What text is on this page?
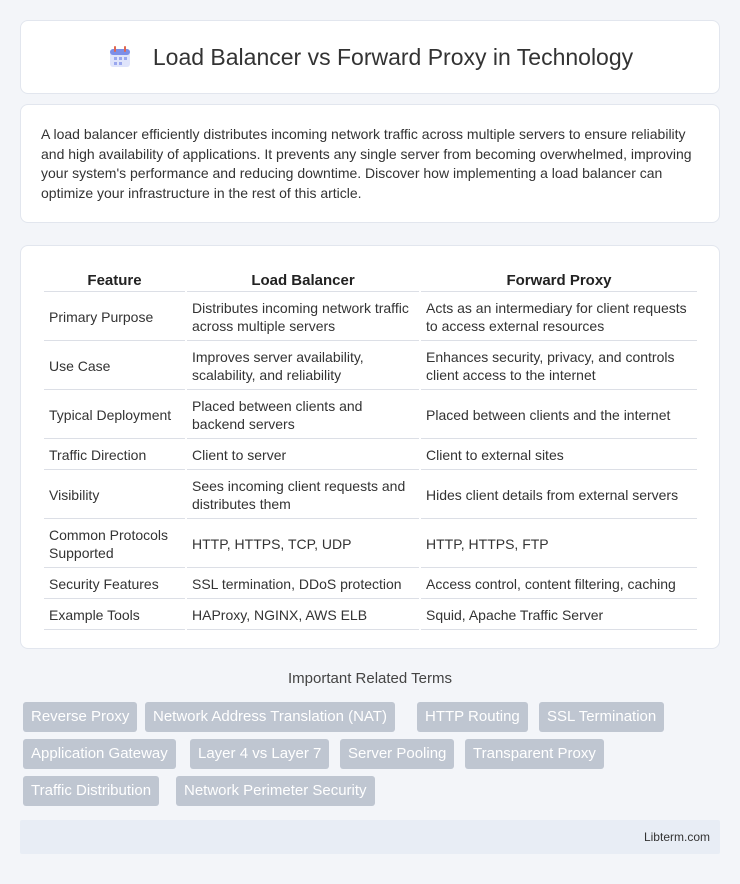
Load Balancer vs Forward Proxy in Technology

A load balancer efficiently distributes incoming network traffic across multiple servers to ensure reliability and high availability of applications. It prevents any single server from becoming overwhelmed, improving your system's performance and reducing downtime. Discover how implementing a load balancer can optimize your infrastructure in the rest of this article.

Feature	Load Balancer	Forward Proxy
Primary Purpose	Distributes incoming network traffic across multiple servers	Acts as an intermediary for client requests to access external resources
Use Case	Improves server availability, scalability, and reliability	Enhances security, privacy, and controls client access to the internet
Typical Deployment	Placed between clients and backend servers	Placed between clients and the internet
Traffic Direction	Client to server	Client to external sites
Visibility	Sees incoming client requests and distributes them	Hides client details from external servers
Common Protocols Supported	HTTP, HTTPS, TCP, UDP	HTTP, HTTPS, FTP
Security Features	SSL termination, DDoS protection	Access control, content filtering, caching
Example Tools	HAProxy, NGINX, AWS ELB	Squid, Apache Traffic Server
Important Related Terms
Reverse Proxy	Network Address Translation (NAT)	HTTP Routing	SSL Termination
Application Gateway	Layer 4 vs Layer 7	Server Pooling	Transparent Proxy
Traffic Distribution	Network Perimeter Security
Libterm.com
